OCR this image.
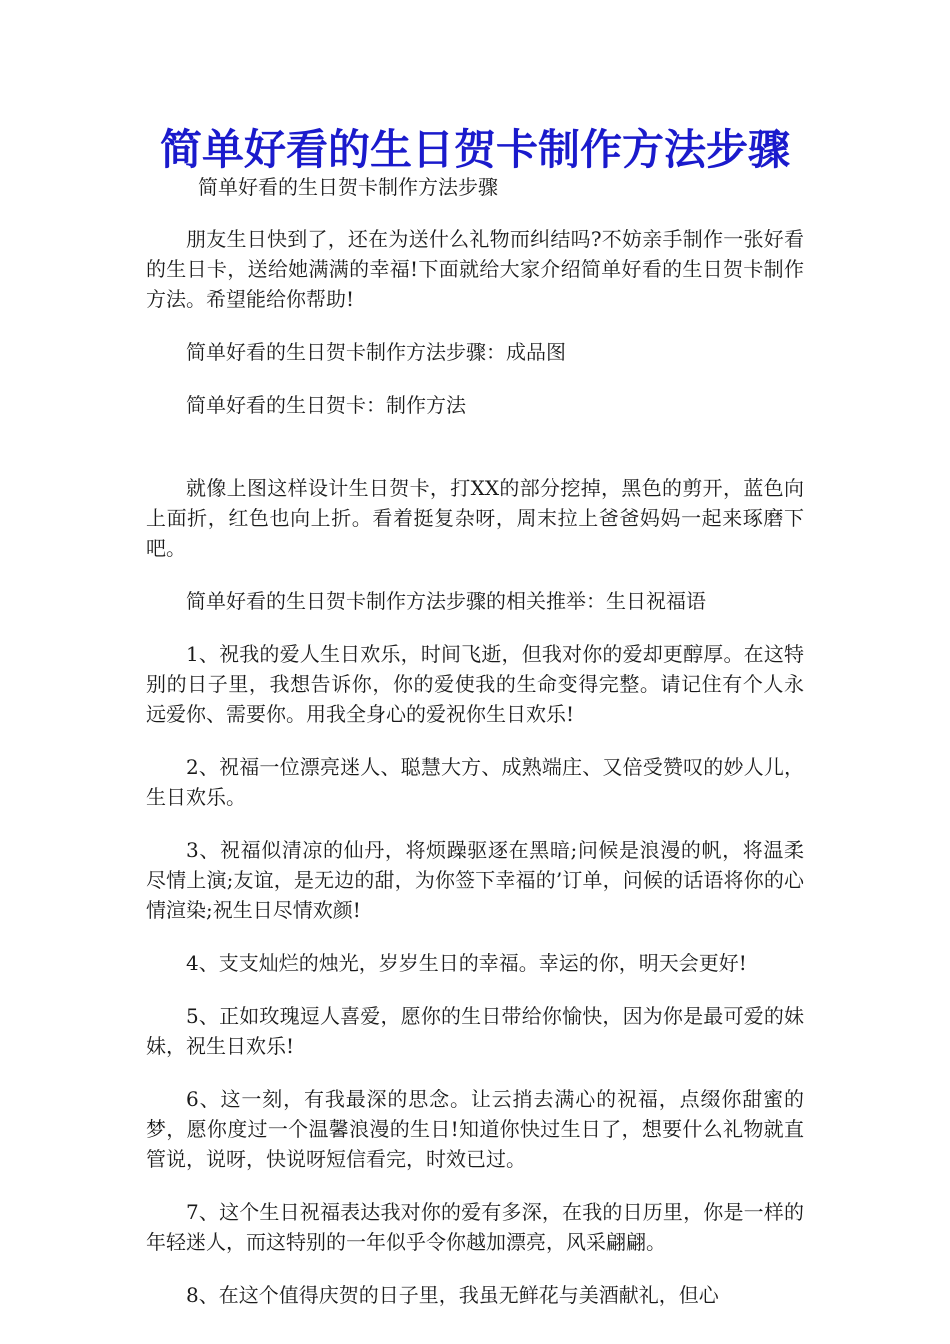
简单好看的生日贺卡制作方法步骤

简单好看的生日贺卡制作方法步骤

朋友生日快到了，还在为送什么礼物而纠结吗?不妨亲手制作一张好看的生日卡，送给她满满的幸福!下面就给大家介绍简单好看的生日贺卡制作方法。希望能给你帮助!

简单好看的生日贺卡制作方法步骤：成品图

简单好看的生日贺卡：制作方法

就像上图这样设计生日贺卡，打XX的部分挖掉，黑色的剪开，蓝色向上面折，红色也向上折。看着挺复杂呀，周末拉上爸爸妈妈一起来琢磨下吧。

简单好看的生日贺卡制作方法步骤的相关推举：生日祝福语

1、祝我的爱人生日欢乐，时间飞逝，但我对你的爱却更醇厚。在这特别的日子里，我想告诉你，你的爱使我的生命变得完整。请记住有个人永远爱你、需要你。用我全身心的爱祝你生日欢乐!

2、祝福一位漂亮迷人、聪慧大方、成熟端庄、又倍受赞叹的妙人儿，生日欢乐。

3、祝福似清凉的仙丹，将烦躁驱逐在黑暗;问候是浪漫的帆，将温柔尽情上演;友谊，是无边的甜，为你签下幸福的’订单，问候的话语将你的心情渲染;祝生日尽情欢颜!

4、支支灿烂的烛光，岁岁生日的幸福。幸运的你，明天会更好!

5、正如玫瑰逗人喜爱，愿你的生日带给你愉快，因为你是最可爱的妹妹，祝生日欢乐!

6、这一刻，有我最深的思念。让云捎去满心的祝福，点缀你甜蜜的梦，愿你度过一个温馨浪漫的生日!知道你快过生日了，想要什么礼物就直管说，说呀，快说呀短信看完，时效已过。

7、这个生日祝福表达我对你的爱有多深，在我的日历里，你是一样的年轻迷人，而这特别的一年似乎令你越加漂亮，风采翩翩。

8、在这个值得庆贺的日子里，我虽无鲜花与美酒献礼，但心
